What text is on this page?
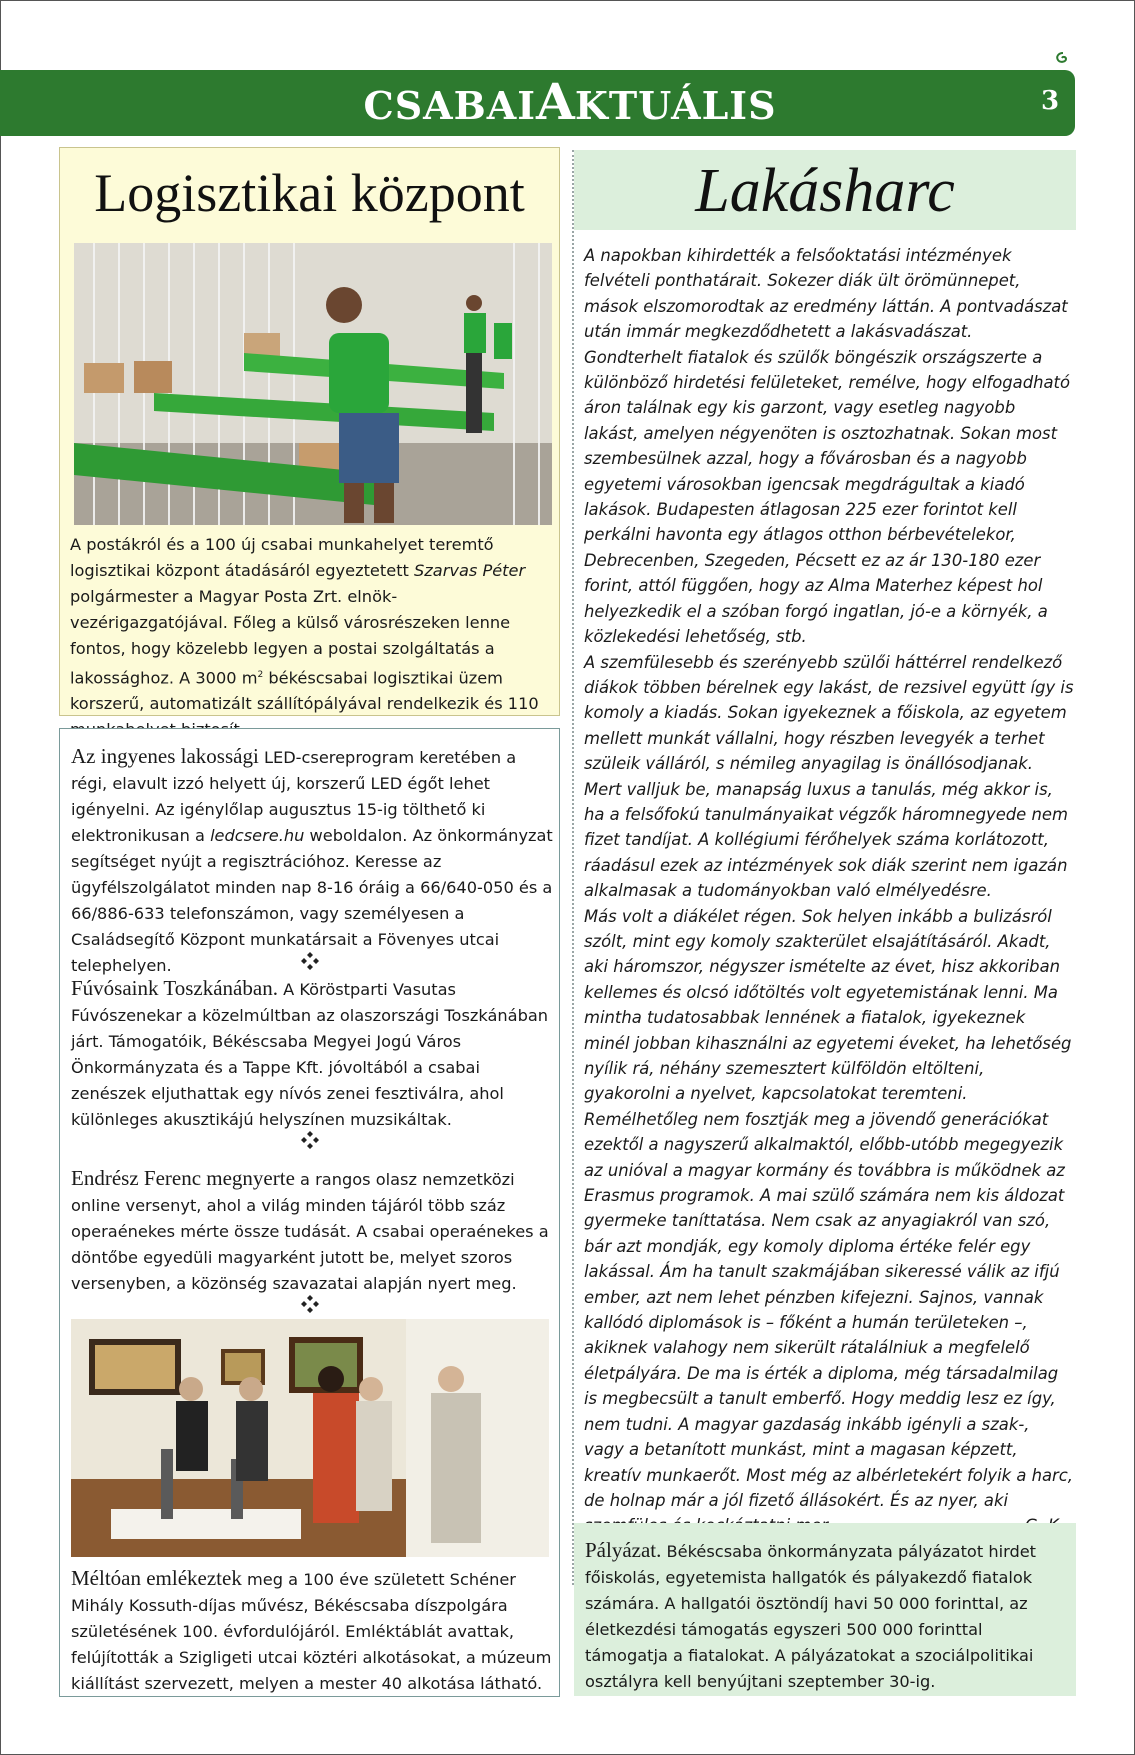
CSABAIAKTUÁLIS	3
Logisztikai központ
A postákról és a 100 új csabai munkahelyet teremtő logisztikai központ átadásáról egyeztetett Szarvas Péter polgármester a Magyar Posta Zrt. elnök-vezérigazgatójával. Főleg a külső városrészeken lenne fontos, hogy közelebb legyen a postai szolgáltatás a lakossághoz. A 3000 $m^2$ békéscsabai logisztikai üzem korszerű, automatizált szállítópályával rendelkezik és 110
Az ingyenes lakossági LED-csereprogram keretében a régi, elavult izzó helyett új, korszerű LED égőt lehet igényelni. Az igénylőlap augusztus 15-ig tölthető ki elektronikusan a ledcsere.hu weboldalon. Az önkormányzat segítséget nyújt a regisztrációhoz. Keresse az ügyfélszolgálatot minden nap 8-16 óráig a 66/640-050 és a 66/886-633 telefonszámon, vagy személyesen a Családsegítő Központ munkatársait a Fövenyes utcai telephelyen.
Fúvósaink Toszkánában. A Köröstparti Vasutas Fúvószenekar a közelmúltban az olaszországi Toszkánában járt. Támogatóik, Békéscsaba Megyei Jogú Város Önkormányzata és a Tappe Kft. jóvoltából a csabai zenészek eljuthattak egy nívós zenei fesztiválra, ahol különleges akusztikájú helyszínen muzsikáltak.
Endrész Ferenc megnyerte a rangos olasz nemzetközi online versenyt, ahol a világ minden tájáról több száz operaénekes mérte össze tudását. A csabai operaénekes a döntőbe egyedüli magyarként jutott be, melyet szoros versenyben, a közönség szavazatai alapján nyert meg.
Méltóan emlékeztek meg a 100 éve született Schéner Mihály Kossuth-díjas művész, Békéscsaba díszpolgára születésének 100. évfordulójáról. Emléktáblát avattak, felújították a Szigligeti utcai köztéri alkotásokat, a múzeum kiállítást szervezett, melyen a mester 40 alkotása látható.
Lakásharc

A napokban kihirdették a felsőoktatási intézmények felvételi ponthatárait. Sokezer diák ült örömünnepet, mások elszomorodtak az eredmény láttán. A pontvadászat után immár megkezdődhetett a lakásvadászat. Gondterhelt fiatalok és szülők böngészik országszerte a különböző hirdetési felületeket, remélve, hogy elfogadható áron találnak egy kis garzont, vagy esetleg nagyobb lakást, amelyen négyenöten is osztozhatnak. Sokan most szembesülnek azzal, hogy a fővárosban és a nagyobb egyetemi városokban igencsak megdrágultak a kiadó lakások. Budapesten átlagosan 225 ezer forintot kell perkálni havonta egy átlagos otthon bérbevételekor, Debrecenben, Szegeden, Pécsett ez az ár 130-180 ezer forint, attól függően, hogy az Alma Materhez képest hol helyezkedik el a szóban forgó ingatlan, jó-e a környék, a közlekedési lehetőség, stb.

A szemfülesebb és szerényebb szülői háttérrel rendelkező diákok többen bérelnek egy lakást, de rezsivel együtt így is komoly a kiadás. Sokan igyekeznek a főiskola, az egyetem mellett munkát vállalni, hogy részben levegyék a terhet szüleik válláról, s némileg anyagilag is önállósodjanak. Mert valljuk be, manapság luxus a tanulás, még akkor is, ha a felsőfokú tanulmányaikat végzők háromnegyede nem fizet tandíjat. A kollégiumi férőhelyek száma korlátozott, ráadásul ezek az intézmények sok diák szerint nem igazán alkalmasak a tudományokban való elmélyedésre.

Más volt a diákélet régen. Sok helyen inkább a bulizásról szólt, mint egy komoly szakterület elsajátításáról. Akadt, aki háromszor, négyszer ismételte az évet, hisz akkoriban kellemes és olcsó időtöltés volt egyetemistának lenni. Ma mintha tudatosabbak lennének a fiatalok, igyekeznek minél jobban kihasználni az egyetemi éveket, ha lehetőség nyílik rá, néhány szemesztert külföldön eltölteni, gyakorolni a nyelvet, kapcsolatokat teremteni. Remélhetőleg nem fosztják meg a jövendő generációkat ezektől a nagyszerű alkalmaktól, előbb-utóbb megegyezik az unióval a magyar kormány és továbbra is működnek az Erasmus programok. A mai szülő számára nem kis áldozat gyermeke taníttatása. Nem csak az anyagiakról van szó, bár azt mondják, egy komoly diploma értéke felér egy lakással. Ám ha tanult szakmájában sikeressé válik az ifjú ember, azt nem lehet pénzben kifejezni. Sajnos, vannak kallódó diplomások is – főként a humán területeken –, akiknek valahogy nem sikerült rátalálniuk a megfelelő életpályára. De ma is érték a diploma, még társadalmilag is megbecsült a tanult emberfő. Hogy meddig lesz ez így, nem tudni. A magyar gazdaság inkább igényli a szak-, vagy a betanított munkást, mint a magasan képzett, kreatív munkaerőt. Most még az albérletekért folyik a harc, de holnap már a jól fizető állásokért. És az nyer, aki

Pályázat. Békéscsaba önkormányzata pályázatot hirdet főiskolás, egyetemista hallgatók és pályakezdő fiatalok számára. A hallgatói ösztöndíj havi 50 000 forinttal, az életkezdési támogatás egyszeri 500 000 forinttal támogatja a fiatalokat. A pályázatokat a szociálpolitikai osztályra kell benyújtani szeptember 30-ig.
